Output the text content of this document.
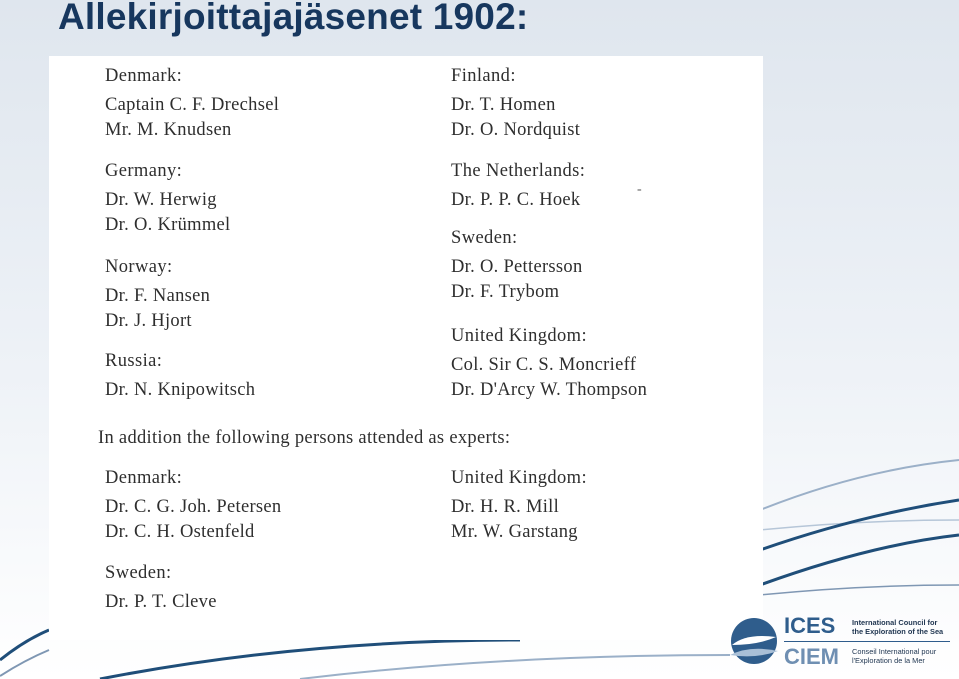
Allekirjoittajajäsenet 1902:
Denmark:
Captain C. F. Drechsel
Mr. M. Knudsen
Germany:
Dr. W. Herwig
Dr. O. Krümmel
Norway:
Dr. F. Nansen
Dr. J. Hjort
Russia:
Dr. N. Knipowitsch
Finland:
Dr. T. Homen
Dr. O. Nordquist
The Netherlands:
Dr. P. P. C. Hoek
-
Sweden:
Dr. O. Pettersson
Dr. F. Trybom
United Kingdom:
Col. Sir C. S. Moncrieff
Dr. D'Arcy W. Thompson
In addition the following persons attended as experts:
Denmark:
Dr. C. G. Joh. Petersen
Dr. C. H. Ostenfeld
Sweden:
Dr. P. T. Cleve
United Kingdom:
Dr. H. R. Mill
Mr. W. Garstang
ICES
CIEM
International Council for
the Exploration of the Sea
Conseil International pour
l'Exploration de la Mer
